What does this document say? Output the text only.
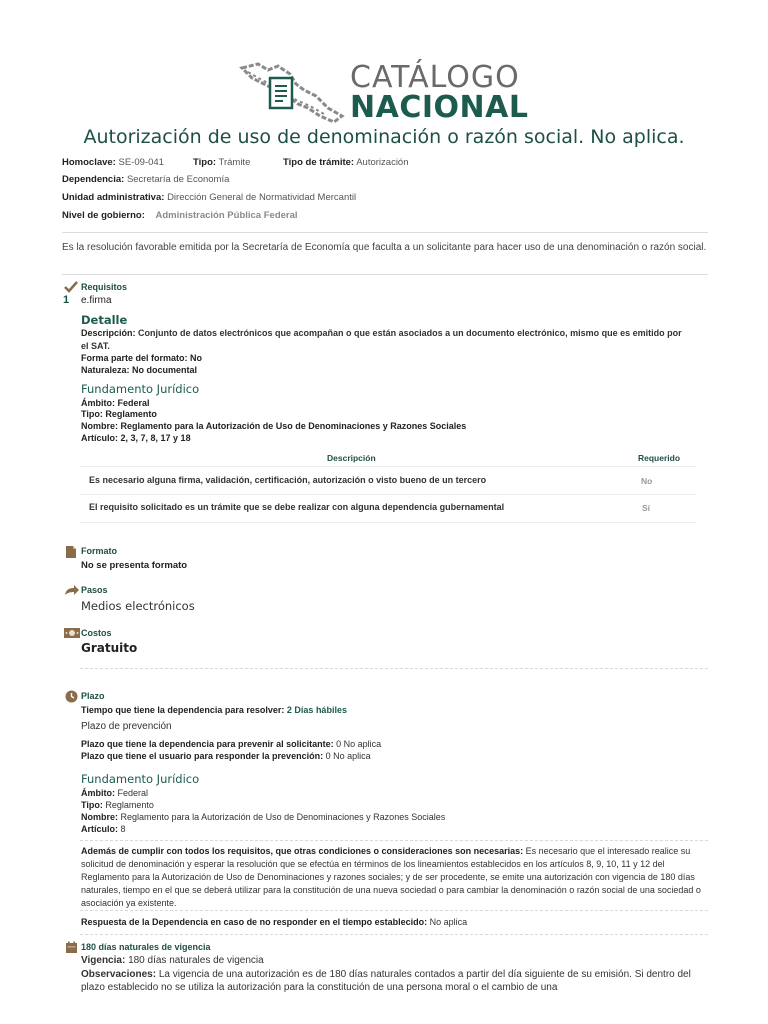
CATÁLOGO
NACIONAL
Autorización de uso de denominación o razón social. No aplica.
Homoclave: SE-09-041	Tipo: Trámite	Tipo de trámite: Autorización
Dependencia: Secretaría de Economía
Unidad administrativa: Dirección General de Normatividad Mercantil
Nivel de gobierno: Administración Pública Federal
Es la resolución favorable emitida por la Secretaría de Economía que faculta a un solicitante para hacer uso de una denominación o razón social.
Requisitos
1 e.firma
Detalle
Descripción: Conjunto de datos electrónicos que acompañan o que están asociados a un documento electrónico, mismo que es emitido por el SAT.
Forma parte del formato: No
Naturaleza: No documental
Fundamento Jurídico
Ámbito: Federal
Tipo: Reglamento
Nombre: Reglamento para la Autorización de Uso de Denominaciones y Razones Sociales
Artículo: 2, 3, 7, 8, 17 y 18
Descripción	Requerido
Es necesario alguna firma, validación, certificación, autorización o visto bueno de un tercero	No
El requisito solicitado es un trámite que se debe realizar con alguna dependencia gubernamental	Sí
Formato
No se presenta formato
Pasos
Medios electrónicos
Costos
Gratuito
Plazo
Tiempo que tiene la dependencia para resolver: 2 Días hábiles
Plazo de prevención
Plazo que tiene la dependencia para prevenir al solicitante: 0 No aplica
Plazo que tiene el usuario para responder la prevención: 0 No aplica
Fundamento Jurídico
Ámbito: Federal
Tipo: Reglamento
Nombre: Reglamento para la Autorización de Uso de Denominaciones y Razones Sociales
Artículo: 8
Además de cumplir con todos los requisitos, que otras condiciones o consideraciones son necesarias: Es necesario que el interesado realice su solicitud de denominación y esperar la resolución que se efectúa en términos de los lineamientos establecidos en los artículos 8, 9, 10, 11 y 12 del Reglamento para la Autorización de Uso de Denominaciones y razones sociales; y de ser procedente, se emite una autorización con vigencia de 180 días naturales, tiempo en el que se deberá utilizar para la constitución de una nueva sociedad o para cambiar la denominación o razón social de una sociedad o asociación ya existente.
Respuesta de la Dependencia en caso de no responder en el tiempo establecido: No aplica
180 días naturales de vigencia
Vigencia: 180 días naturales de vigencia
Observaciones: La vigencia de una autorización es de 180 días naturales contados a partir del día siguiente de su emisión. Si dentro del plazo establecido no se utiliza la autorización para la constitución de una persona moral o el cambio de una
